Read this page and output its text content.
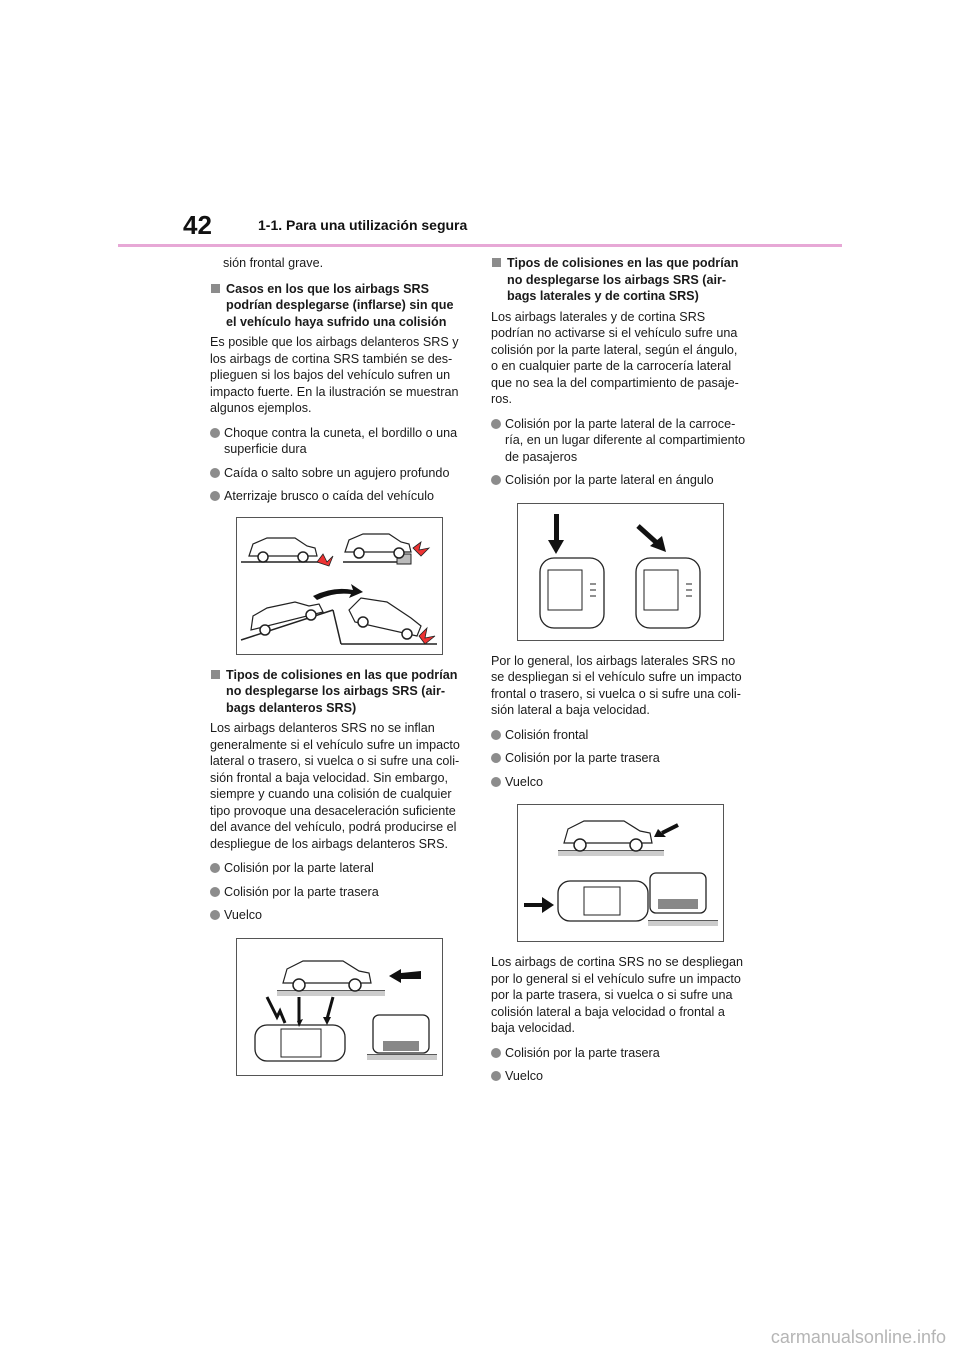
42	1-1. Para una utilización segura

sión frontal grave.

Casos en los que los airbags SRS podrían desplegarse (inflarse) sin que el vehículo haya sufrido una colisión

Es posible que los airbags delanteros SRS y los airbags de cortina SRS también se des- plieguen si los bajos del vehículo sufren un impacto fuerte. En la ilustración se muestran algunos ejemplos.

Choque contra la cuneta, el bordillo o una superficie dura
Caída o salto sobre un agujero profundo
Aterrizaje brusco o caída del vehículo
Tipos de colisiones en las que podrían no desplegarse los airbags SRS (air- bags delanteros SRS)

Los airbags delanteros SRS no se inflan generalmente si el vehículo sufre un impacto lateral o trasero, si vuelca o si sufre una coli- sión frontal a baja velocidad. Sin embargo, siempre y cuando una colisión de cualquier tipo provoque una desaceleración suficiente del avance del vehículo, podrá producirse el despliegue de los airbags delanteros SRS.

Colisión por la parte lateral
Colisión por la parte trasera
Vuelco
Tipos de colisiones en las que podrían no desplegarse los airbags SRS (air- bags laterales y de cortina SRS)

Los airbags laterales y de cortina SRS podrían no activarse si el vehículo sufre una colisión por la parte lateral, según el ángulo, o en cualquier parte de la carrocería lateral que no sea la del compartimiento de pasaje- ros.

Colisión por la parte lateral de la carroce- ría, en un lugar diferente al compartimiento de pasajeros
Colisión por la parte lateral en ángulo

Por lo general, los airbags laterales SRS no se despliegan si el vehículo sufre un impacto frontal o trasero, si vuelca o si sufre una coli- sión lateral a baja velocidad.

Colisión frontal
Colisión por la parte trasera
Vuelco

Los airbags de cortina SRS no se despliegan por lo general si el vehículo sufre un impacto por la parte trasera, si vuelca o si sufre una colisión lateral a baja velocidad o frontal a baja velocidad.

Colisión por la parte trasera
Vuelco
carmanualsonline.info
